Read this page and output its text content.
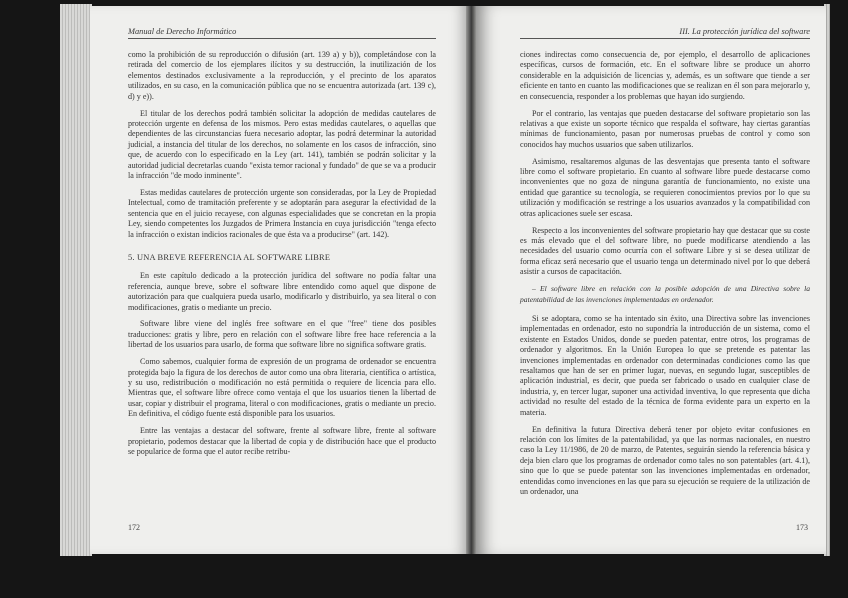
Manual de Derecho Informático

como la prohibición de su reproducción o difusión (art. 139 a) y b)), completándose con la retirada del comercio de los ejemplares ilícitos y su destrucción, la inutilización de los elementos destinados exclusivamente a la reproducción, y el precinto de los aparatos utilizados, en su caso, en la comunicación pública que no se encuentra autorizada (art. 139 c), d) y e)).

El titular de los derechos podrá también solicitar la adopción de medidas cautelares de protección urgente en defensa de los mismos. Pero estas medidas cautelares, o aquellas que dependientes de las circunstancias fuera necesario adoptar, las podrá determinar la autoridad judicial, a instancia del titular de los derechos, no solamente en los casos de infracción, sino que, de acuerdo con lo especificado en la Ley (art. 141), también se podrán solicitar y la autoridad judicial decretarlas cuando "exista temor racional y fundado" de que se va a producir la infracción "de modo inminente".

Estas medidas cautelares de protección urgente son consideradas, por la Ley de Propiedad Intelectual, como de tramitación preferente y se adoptarán para asegurar la efectividad de la sentencia que en el juicio recayese, con algunas especialidades que se concretan en la propia Ley, siendo competentes los Juzgados de Primera Instancia en cuya jurisdicción "tenga efecto la infracción o existan indicios racionales de que ésta va a producirse" (art. 142).

5. UNA BREVE REFERENCIA AL SOFTWARE LIBRE

En este capítulo dedicado a la protección jurídica del software no podía faltar una referencia, aunque breve, sobre el software libre entendido como aquel que dispone de autorización para que cualquiera pueda usarlo, modificarlo y distribuirlo, ya sea literal o con modificaciones, gratis o mediante un precio.

Software libre viene del inglés free software en el que "free" tiene dos posibles traducciones: gratis y libre, pero en relación con el software libre free hace referencia a la libertad de los usuarios para usarlo, de forma que software libre no significa software gratis.

Como sabemos, cualquier forma de expresión de un programa de ordenador se encuentra protegida bajo la figura de los derechos de autor como una obra literaria, científica o artística, y su uso, redistribución o modificación no está permitida o requiere de licencia para ello. Mientras que, el software libre ofrece como ventaja el que los usuarios tienen la libertad de usar, copiar y distribuir el programa, literal o con modificaciones, gratis o mediante un precio. En definitiva, el código fuente está disponible para los usuarios.

Entre las ventajas a destacar del software, frente al software libre, frente al software propietario, podemos destacar que la libertad de copia y de distribución hace que el producto se popularice de forma que el autor recibe retribu-

172
III. La protección jurídica del software

ciones indirectas como consecuencia de, por ejemplo, el desarrollo de aplicaciones específicas, cursos de formación, etc. En el software libre se produce un ahorro considerable en la adquisición de licencias y, además, es un software que tiende a ser eficiente en tanto en cuanto las modificaciones que se realizan en él son para mejorarlo y, en consecuencia, responder a los problemas que hayan ido surgiendo.

Por el contrario, las ventajas que pueden destacarse del software propietario son las relativas a que existe un soporte técnico que respalda el software, hay ciertas garantías mínimas de funcionamiento, pasan por numerosas pruebas de control y como son conocidos hay muchos usuarios que saben utilizarlos.

Asimismo, resaltaremos algunas de las desventajas que presenta tanto el software libre como el software propietario. En cuanto al software libre puede destacarse como inconvenientes que no goza de ninguna garantía de funcionamiento, no existe una entidad que garantice su tecnología, se requieren conocimientos previos por lo que su utilización y modificación se restringe a los usuarios avanzados y la compatibilidad con otras aplicaciones suele ser escasa.

Respecto a los inconvenientes del software propietario hay que destacar que su coste es más elevado que el del software libre, no puede modificarse atendiendo a las necesidades del usuario como ocurría con el software Libre y si se desea utilizar de forma eficaz será necesario que el usuario tenga un determinado nivel por lo que deberá asistir a cursos de capacitación.

– El software libre en relación con la posible adopción de una Directiva sobre la patentabilidad de las invenciones implementadas en ordenador.

Si se adoptara, como se ha intentado sin éxito, una Directiva sobre las invenciones implementadas en ordenador, esto no supondría la introducción de un sistema, como el existente en Estados Unidos, donde se pueden patentar, entre otros, los programas de ordenador y algoritmos. En la Unión Europea lo que se pretende es patentar las invenciones implementadas en ordenador con determinadas condiciones como las que resaltamos que han de ser en primer lugar, nuevas, en segundo lugar, susceptibles de aplicación industrial, es decir, que pueda ser fabricado o usado en cualquier clase de industria, y, en tercer lugar, suponer una actividad inventiva, lo que representa que dicha actividad no resulte del estado de la técnica de forma evidente para un experto en la materia.

En definitiva la futura Directiva deberá tener por objeto evitar confusiones en relación con los límites de la patentabilidad, ya que las normas nacionales, en nuestro caso la Ley 11/1986, de 20 de marzo, de Patentes, seguirán siendo la referencia básica y deja bien claro que los programas de ordenador como tales no son patentables (art. 4.1), sino que lo que se puede patentar son las invenciones implementadas en ordenador, entendidas como invenciones en las que para su ejecución se requiere de la utilización de un ordenador, una

173
